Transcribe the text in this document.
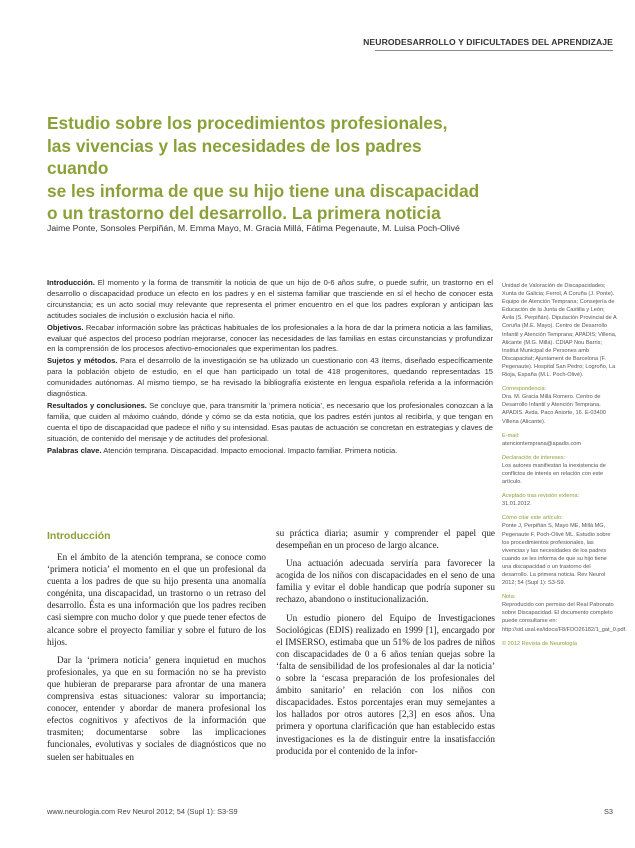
NEURODESARROLLO Y DIFICULTADES DEL APRENDIZAJE
Estudio sobre los procedimientos profesionales,
las vivencias y las necesidades de los padres cuando
se les informa de que su hijo tiene una discapacidad
o un trastorno del desarrollo. La primera noticia
Jaime Ponte, Sonsoles Perpiñán, M. Emma Mayo, M. Gracia Millá, Fátima Pegenaute, M. Luisa Poch-Olivé

Introducción. El momento y la forma de transmitir la noticia de que un hijo de 0-6 años sufre, o puede sufrir, un trastorno en el desarrollo o discapacidad produce un efecto en los padres y en el sistema familiar que trasciende en sí el hecho de conocer esta circunstancia; es un acto social muy relevante que representa el primer encuentro en el que los padres exploran y anticipan las actitudes sociales de inclusión o exclusión hacia el niño.

Objetivos. Recabar información sobre las prácticas habituales de los profesionales a la hora de dar la primera noticia a las familias, evaluar qué aspectos del proceso podrían mejorarse, conocer las necesidades de las familias en estas circunstancias y profundizar en la comprensión de los procesos afectivo-emocionales que experimentan los padres.

Sujetos y métodos. Para el desarrollo de la investigación se ha utilizado un cuestionario con 43 ítems, diseñado específicamente para la población objeto de estudio, en el que han participado un total de 418 progenitores, quedando representadas 15 comunidades autónomas. Al mismo tiempo, se ha revisado la bibliografía existente en lengua española referida a la información diagnóstica.

Resultados y conclusiones. Se concluye que, para transmitir la ‘primera noticia’, es necesario que los profesionales conozcan a la familia, que cuiden al máximo cuándo, dónde y cómo se da esta noticia, que los padres estén juntos al recibirla, y que tengan en cuenta el tipo de discapacidad que padece el niño y su intensidad. Esas pautas de actuación se concretan en estrategias y claves de situación, de contenido del mensaje y de actitudes del profesional.

Palabras clave. Atención temprana. Discapacidad. Impacto emocional. Impacto familiar. Primera noticia.

Unidad de Valoración de Discapacidades; Xunta de Galicia; Ferrol, A Coruña (J. Ponte). Equipo de Atención Temprana; Consejería de Educación de la Junta de Castilla y León; Ávila (S. Perpiñán). Diputación Provincial de A Coruña (M.E. Mayo). Centro de Desarrollo Infantil y Atención Temprana; APADIS; Villena, Alicante (M.G. Millá). CDIAP Nou Barris; Institut Municipal de Persones amb Discapacitat; Ajuntament de Barcelona (F. Pegenaute). Hospital San Pedro; Logroño, La Rioja, España (M.L. Poch-Olivé).
Correspondencia:
Dra. M. Gracia Millá Romero. Centro de Desarrollo Infantil y Atención Temprana. APADIS. Avda. Paco Aniorte, 16. E-03400 Villena (Alicante).
E-mail:
atenciontemprana@apadis.com
Declaración de intereses:
Los autores manifiestan la inexistencia de conflictos de interés en relación con este artículo.
Aceptado tras revisión externa:
31.01.2012.
Cómo citar este artículo:
Ponte J, Perpiñán S, Mayo ME, Millá MG, Pegenaute F, Poch-Olivé ML. Estudio sobre los procedimientos profesionales, las vivencias y las necesidades de los padres cuando se les informa de que su hijo tiene una discapacidad o un trastorno del desarrollo. La primera noticia. Rev Neurol 2012; 54 (Supl 1): S3-S9.
Nota:
Reproducido con permiso del Real Patronato sobre Discapacidad. El documento completo puede consultarse en: http://sid.usal.es/idocs/F8/FDO26182/1_gat_0.pdf.
© 2012 Revista de Neurología
Introducción

En el ámbito de la atención temprana, se conoce como ‘primera noticia’ el momento en el que un profesional da cuenta a los padres de que su hijo presenta una anomalía congénita, una discapacidad, un trastorno o un retraso del desarrollo. Ésta es una información que los padres reciben casi siempre con mucho dolor y que puede tener efectos de alcance sobre el proyecto familiar y sobre el futuro de los hijos.

Dar la ‘primera noticia’ genera inquietud en muchos profesionales, ya que en su formación no se ha previsto que hubieran de prepararse para afrontar de una manera comprensiva estas situaciones: valorar su importancia; conocer, entender y abordar de manera profesional los efectos cognitivos y afectivos de la información que trasmiten; documentarse sobre las implicaciones funcionales, evolutivas y sociales de diagnósticos que no suelen ser habituales en

su práctica diaria; asumir y comprender el papel que desempeñan en un proceso de largo alcance.

Una actuación adecuada serviría para favorecer la acogida de los niños con discapacidades en el seno de una familia y evitar el doble handicap que podría suponer su rechazo, abandono o institucionalización.

Un estudio pionero del Equipo de Investigaciones Sociológicas (EDIS) realizado en 1999 [1], encargado por el IMSERSO, estimaba que un 51% de los padres de niños con discapacidades de 0 a 6 años tenían quejas sobre la ‘falta de sensibilidad de los profesionales al dar la noticia’ o sobre la ‘escasa preparación de los profesionales del ámbito sanitario’ en relación con los niños con discapacidades. Estos porcentajes eran muy semejantes a los hallados por otros autores [2,3] en esos años. Una primera y oportuna clarificación que han establecido estas investigaciones es la de distinguir entre la insatisfacción producida por el contenido de la infor-

www.neurologia.com Rev Neurol 2012; 54 (Supl 1): S3-S9	S3
